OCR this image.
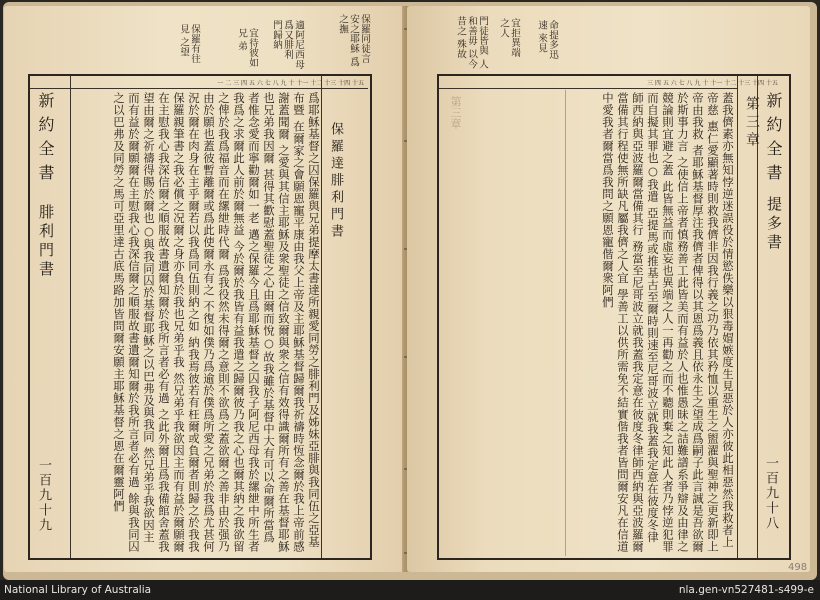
保羅同徒言 安之耶穌 爲之撫
適阿尼西母 爲又腓利 門歸納
宜待彼如兄 弟
保羅有往見 之望
一 二 三 四 五 六 七 八 九 十 十一 十二 十三 十四 十五
新約全書
腓利門書
一百九十九
保羅達腓利門書
爲耶穌基督之囚保羅與兄弟提摩太書達所親愛同勞之腓利門及姊妹亞腓與我同伍之亞基布暨 在爾家之會願恩寵平康由我父上帝及主耶穌基督歸爾我祈禱時恆念爾於我上帝前感謝蓋聞爾 之愛與其信主耶穌及衆聖徒之信致爾與衆之信有效得識爾所有之善在基督耶穌也兄弟我因爾 甚得其歡慰蓋聖徒之心由爾而悅○故我雖於基督中大有可以命爾所當爲者惟念愛而寧勸爾如一老 邁之保羅今且爲耶穌基督之囚我子阿尼西母我於縲紲中所生者我爲之求爾此人前於爾無益 今於爾於我皆有益我遣之歸爾彼乃我之心也爾其納之我欲留之俾於我爲福音而在縲紲時代爾 爲我役然未得爾之意則不欲爲之蓋欲爾之善非由於强乃由於願也蓋彼暫離爾或爲此使爾永有之 不復如僕乃爲逾於僕爲所愛之兄弟於我爲尤甚何況於爾在肉身在主乎爾若以我爲同伍則納之如 納我焉彼若有枉爾或負爾者則歸之於我我保羅親筆書之我必償之况爾之身亦負於我也兄弟乎我 然兄弟乎我欲因主而有益於爾願爾在主慰我心我深信爾之順服故書遺爾知爾於我所言者必有過 之此外爾且爲我備館舍蓋我望由爾之祈禱得賜於爾也○與我同囚於基督耶穌之以巴弗及與我同 然兄弟乎我欲因主而有益於爾願爾在主慰我心我深信爾之順服故書遺爾知爾於我所言者必有過 餘與我同囚之以巴弗及同勞之馬可亞里達古底馬路加皆問爾安願主耶穌基督之恩在爾靈阿們
門徒皆與 人和善毋 以今昔之 殊故	宜拒異端 之人	命提多迅速 來見
三 四 五 六 七 八 九 十 十一 十二 十三 十四 十五
新約全書
提多書
第三章
一百九十八
蓋我儕素亦無知悖逆迷誤役於情慾佚樂以狠毒媢嫉度生見惡於人亦彼此相惡然我救者上帝慈 惠仁愛顯著時則救我儕非因我行義之功乃依其矜恤以重生之盥濯與聖神之更新即上帝由我救 者耶穌基督厚注我儕者俾得以其恩爲義且依永生之望成爲嗣子此言誠是吾欲爾於斯事力言 之使信上帝者慎務善工此皆美而有益於人也惟愚昧之詰難譜系爭辯及由律之競論則宜避之蓋 此皆無益而虛妄也異端之人一再勸之而不聽則棄之知此人者乃悖逆犯罪而自擬其罪也○我遣 亞提馬或推基古至爾時則速至尼哥波立就我蓋我定意在彼度冬律師西納與亞波羅爾當備其行 務當至尼哥波立就我蓋我定意在彼度冬律師西納與亞波羅爾當備其行程使無所缺凡屬我儕之人宜 學善工以供所需免不結實偕我者皆問爾安凡在信道中愛我者爾當爲我問之願恩寵偕爾衆阿們
第三章
498
National Library of Australia	nla.gen-vn527481-s499-e
